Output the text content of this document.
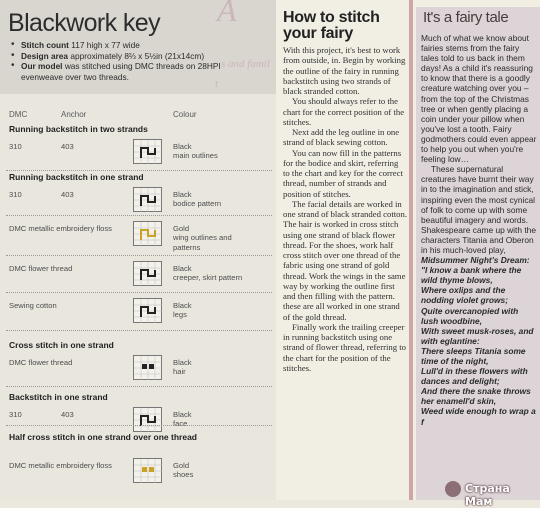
A
s and famil
t
Blackwork key
• Stitch count 117 high x 77 wide
• Design area approximately 8⅔ x 5½in (21x14cm)
• Our model was stitched using DMC threads on 28HPI evenweave over two threads.
DMC	Anchor	Colour
Running backstitch in two strands
310	403	Black
main outlines
Running backstitch in one strand
310	403	Black
bodice pattern
DMC metallic embroidery floss	Gold
wing outlines and
patterns
DMC flower thread	Black
creeper, skirt pattern
Sewing cotton	Black
legs
Cross stitch in one strand
DMC flower thread	Black
hair
Backstitch in one strand
310	403	Black
face
Half cross stitch in one strand over one thread
DMC metallic embroidery floss	Gold
shoes
How to stitch
your fairy

With this project, it's best to work from outside, in. Begin by working the outline of the fairy in running backstitch using two strands of black stranded cotton.

You should always refer to the chart for the correct position of the stitches.

Next add the leg outline in one strand of black sewing cotton.

You can now fill in the patterns for the bodice and skirt, referring to the chart and key for the correct thread, number of strands and position of stitches.

The facial details are worked in one strand of black stranded cotton. The hair is worked in cross stitch using one strand of black flower thread. For the shoes, work half cross stitch over one thread of the fabric using one strand of gold thread. Work the wings in the same way by working the outline first and then filling with the pattern. these are all worked in one strand of the gold thread.

Finally work the trailing creeper in running backstitch using one strand of flower thread, referring to the chart for the position of the stitches.

It's a fairy tale

Much of what we know about fairies stems from the fairy tales told to us back in them days! As a child it's reassuring to know that there is a goodly creature watching over you – from the top of the Christmas tree or when gently placing a coin under your pillow when you've lost a tooth. Fairy godmothers could even appear to help you out when you're feeling low…

These supernatural creatures have burnt their way in to the imagination and stick, inspiring even the most cynical of folk to come up with some beautiful imagery and words. Shakespeare came up with the characters Titania and Oberon in his much-loved play,

Midsummer Night's Dream:
"I know a bank where the wild thyme blows,
Where oxlips and the nodding violet grows;
Quite overcanopied with lush woodbine,
With sweet musk-roses, and with eglantine:
There sleeps Titania some time of the night,
Lull'd in these flowers with dances and delight;
And there the snake throws her enamell'd skin,
Weed wide enough to wrap a f
Страна Мам
